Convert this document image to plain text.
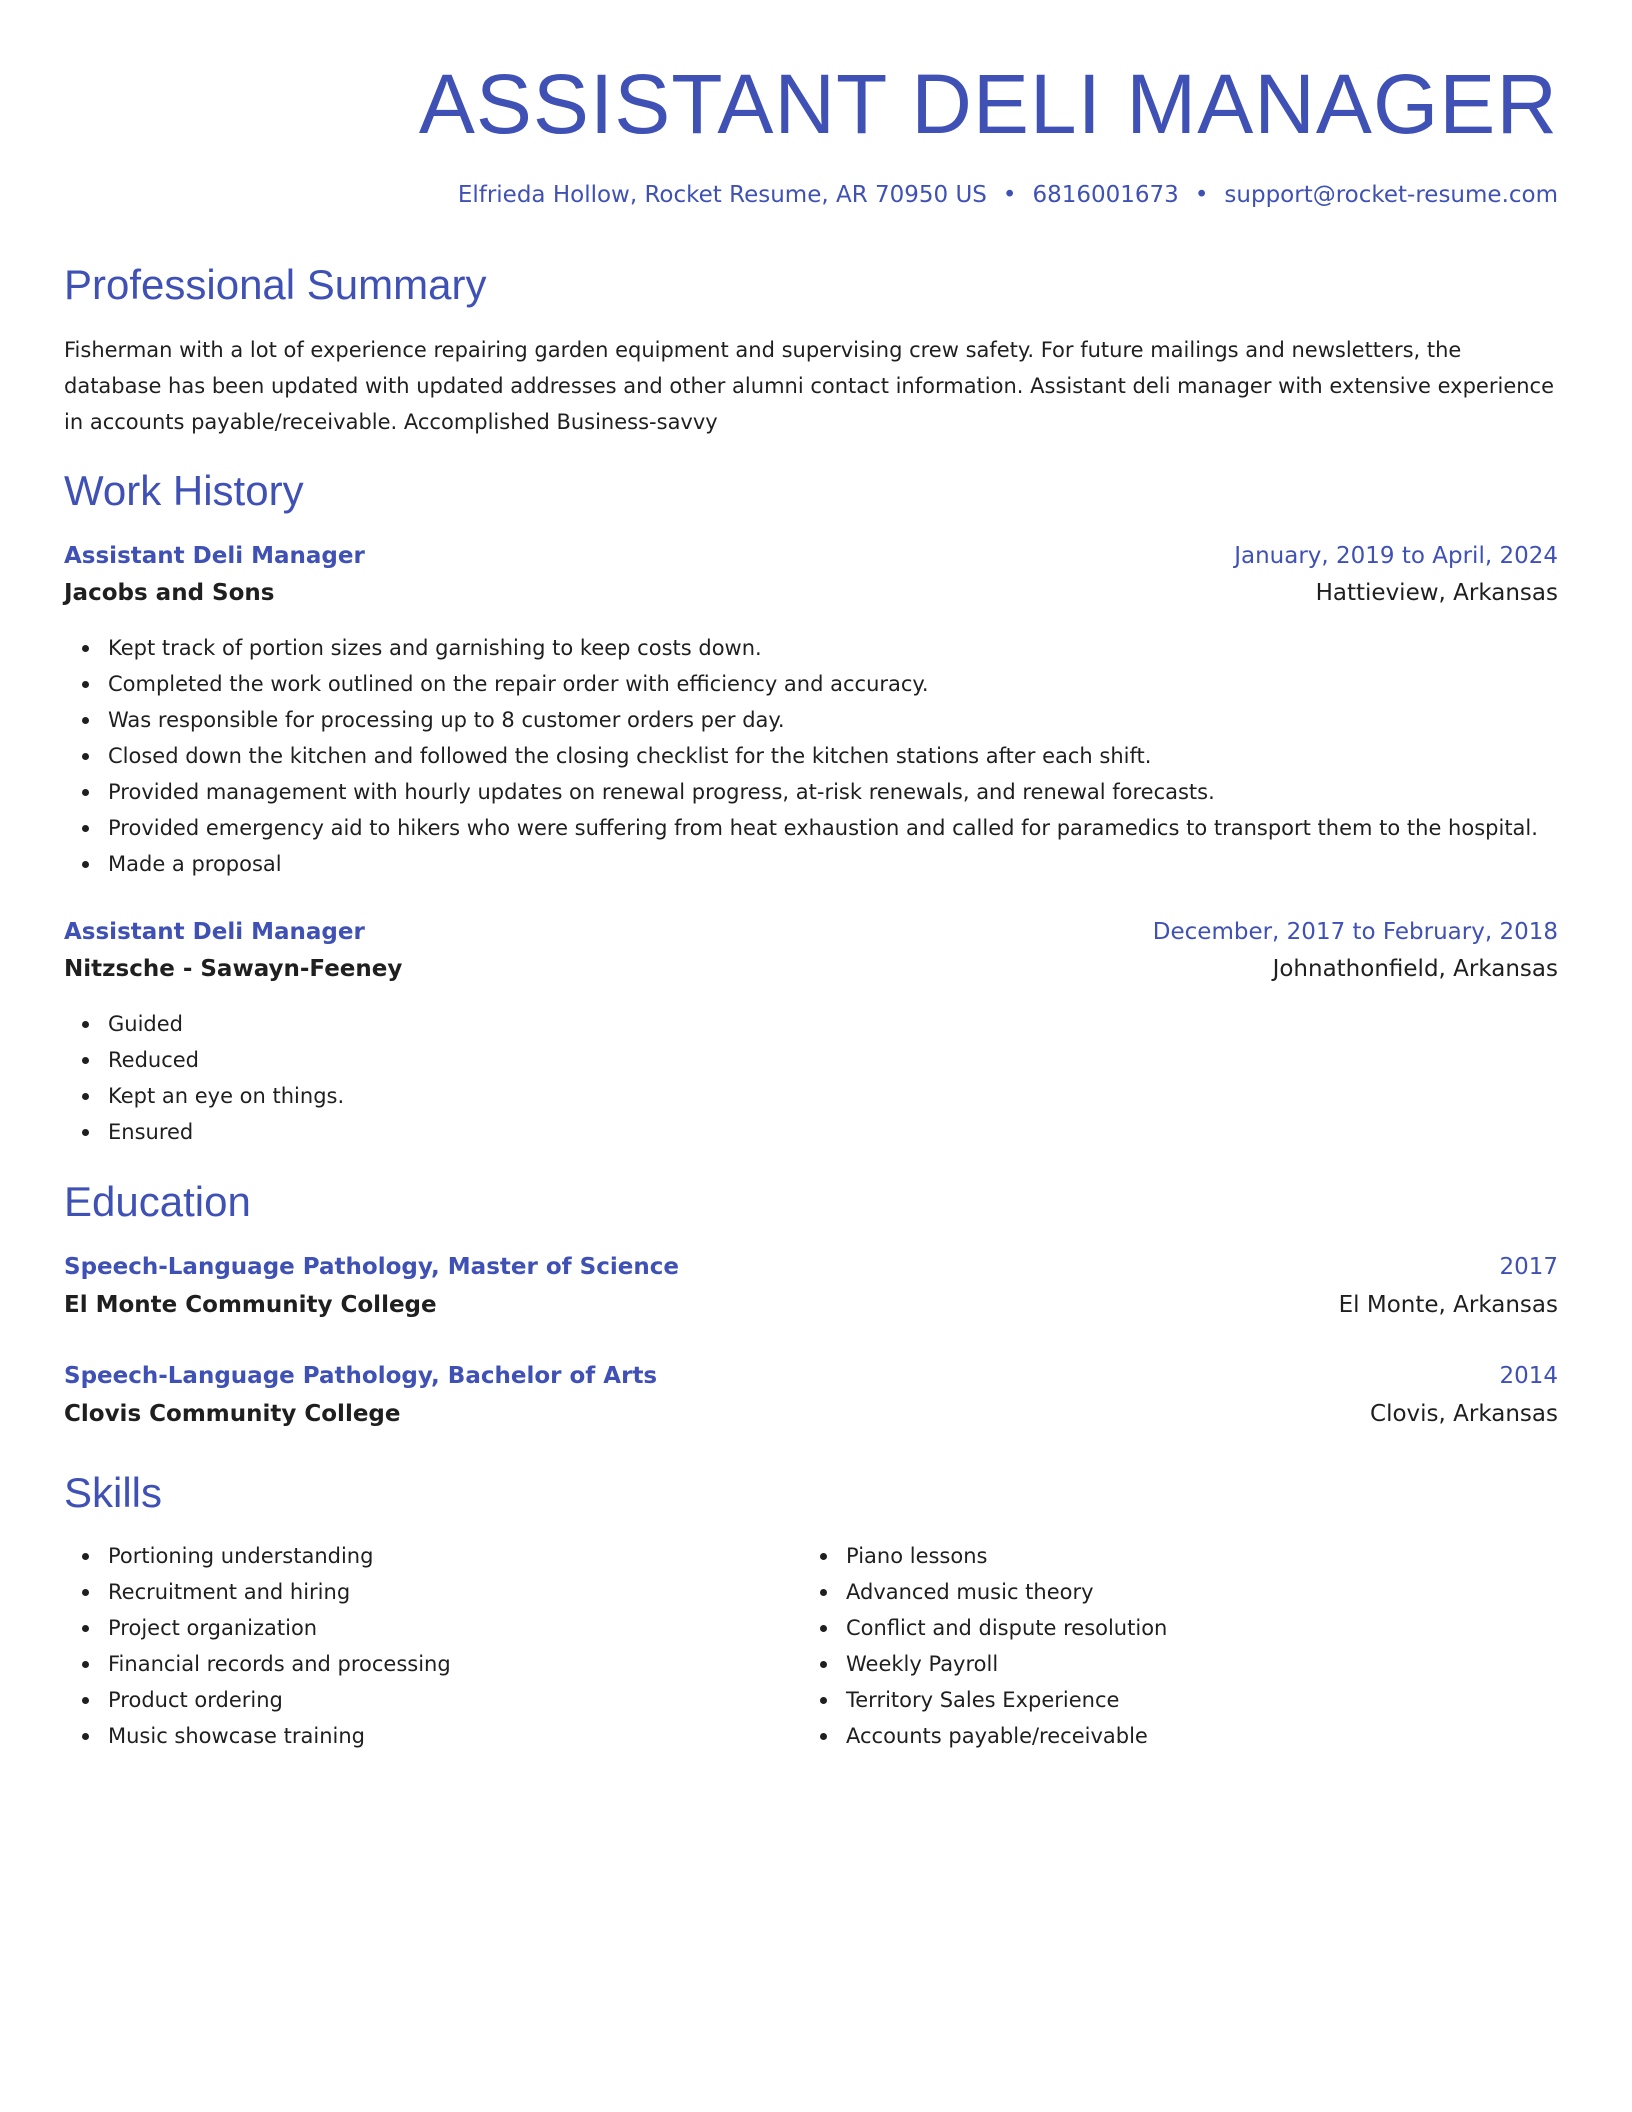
ASSISTANT DELI MANAGER
Elfrieda Hollow, Rocket Resume, AR 70950 US • 6816001673 • support@rocket-resume.com
Professional Summary

Fisherman with a lot of experience repairing garden equipment and supervising crew safety. For future mailings and newsletters, the database has been updated with updated addresses and other alumni contact information. Assistant deli manager with extensive experience in accounts payable/receivable. Accomplished Business-savvy

Work History
Assistant Deli Manager	January, 2019 to April, 2024
Jacobs and Sons	Hattieview, Arkansas
Kept track of portion sizes and garnishing to keep costs down.
Completed the work outlined on the repair order with efficiency and accuracy.
Was responsible for processing up to 8 customer orders per day.
Closed down the kitchen and followed the closing checklist for the kitchen stations after each shift.
Provided management with hourly updates on renewal progress, at-risk renewals, and renewal forecasts.
Provided emergency aid to hikers who were suffering from heat exhaustion and called for paramedics to transport them to the hospital.
Made a proposal
Assistant Deli Manager	December, 2017 to February, 2018
Nitzsche - Sawayn-Feeney	Johnathonfield, Arkansas
Guided
Reduced
Kept an eye on things.
Ensured
Education
Speech-Language Pathology, Master of Science	2017
El Monte Community College	El Monte, Arkansas
Speech-Language Pathology, Bachelor of Arts	2014
Clovis Community College	Clovis, Arkansas
Skills
Portioning understanding
Recruitment and hiring
Project organization
Financial records and processing
Product ordering
Music showcase training
Piano lessons
Advanced music theory
Conflict and dispute resolution
Weekly Payroll
Territory Sales Experience
Accounts payable/receivable
